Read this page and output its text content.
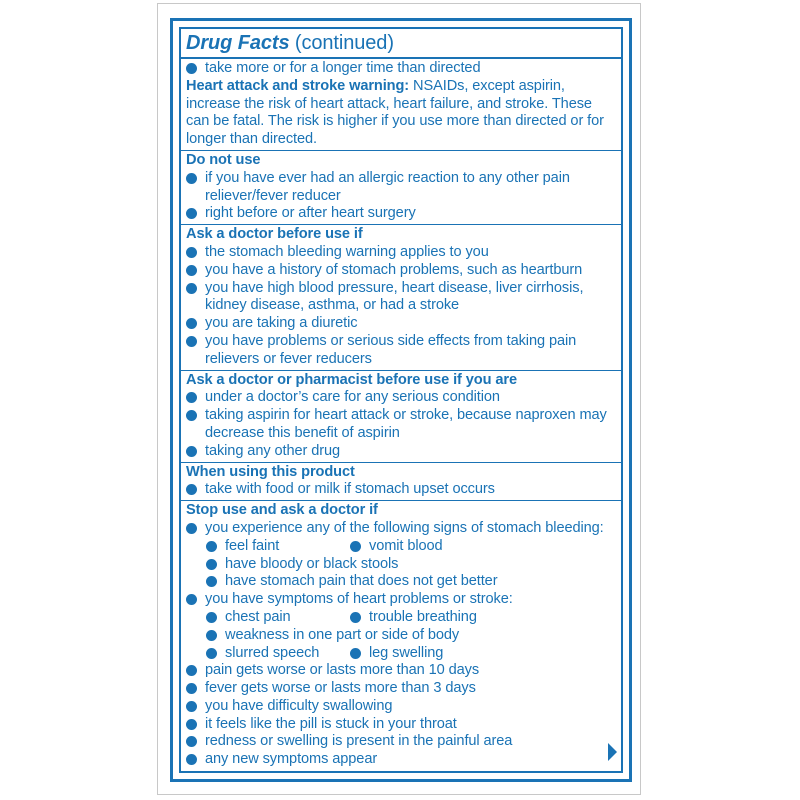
Drug Facts (continued)
take more or for a longer time than directed
Heart attack and stroke warning: NSAIDs, except aspirin, increase the risk of heart attack, heart failure, and stroke. These can be fatal. The risk is higher if you use more than directed or for longer than directed.
Do not use
if you have ever had an allergic reaction to any other pain reliever/fever reducer
right before or after heart surgery
Ask a doctor before use if
the stomach bleeding warning applies to you
you have a history of stomach problems, such as heartburn
you have high blood pressure, heart disease, liver cirrhosis, kidney disease, asthma, or had a stroke
you are taking a diuretic
you have problems or serious side effects from taking pain relievers or fever reducers
Ask a doctor or pharmacist before use if you are
under a doctor’s care for any serious condition
taking aspirin for heart attack or stroke, because naproxen may decrease this benefit of aspirin
taking any other drug
When using this product
take with food or milk if stomach upset occurs
Stop use and ask a doctor if
you experience any of the following signs of stomach bleeding:
feel faint	vomit blood
have bloody or black stools
have stomach pain that does not get better
you have symptoms of heart problems or stroke:
chest pain	trouble breathing
weakness in one part or side of body
slurred speech	leg swelling
pain gets worse or lasts more than 10 days
fever gets worse or lasts more than 3 days
you have difficulty swallowing
it feels like the pill is stuck in your throat
redness or swelling is present in the painful area
any new symptoms appear
